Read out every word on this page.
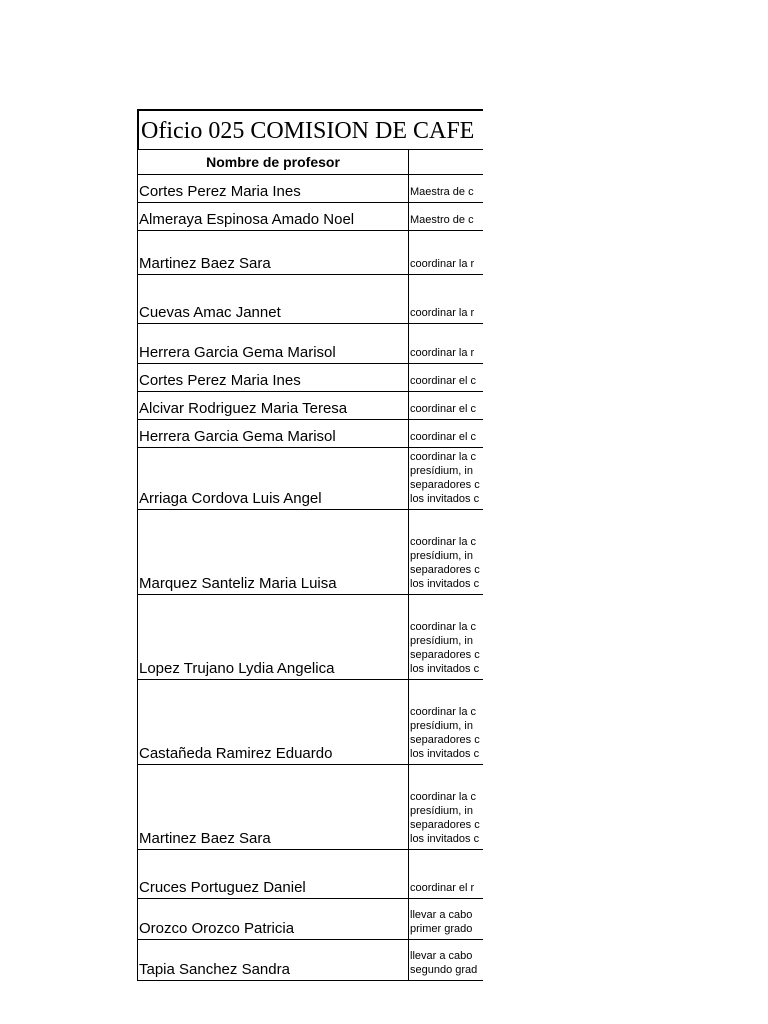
Oficio 025 COMISION DE CAFE
Nombre de profesor	
Cortes Perez Maria Ines	Maestra de c

Almeraya Espinosa Amado Noel	Maestro de c

Martinez Baez Sara	coordinar la r

Cuevas Amac Jannet	coordinar la r

Herrera Garcia Gema Marisol	coordinar la r

Cortes Perez Maria Ines	coordinar el c

Alcivar Rodriguez Maria Teresa	coordinar el c

Herrera Garcia Gema Marisol	coordinar el c

Arriaga Cordova Luis Angel	coordinar la c
presídium, in
separadores c
los invitados c

Marquez Santeliz Maria Luisa	coordinar la c
presídium, in
separadores c
los invitados c

Lopez Trujano Lydia Angelica	coordinar la c
presídium, in
separadores c
los invitados c

Castañeda Ramirez Eduardo	coordinar la c
presídium, in
separadores c
los invitados c

Martinez Baez Sara	coordinar la c
presídium, in
separadores c
los invitados c

Cruces Portuguez Daniel	coordinar el r

Orozco Orozco Patricia	llevar a cabo
primer grado

Tapia Sanchez Sandra	llevar a cabo
segundo grad
